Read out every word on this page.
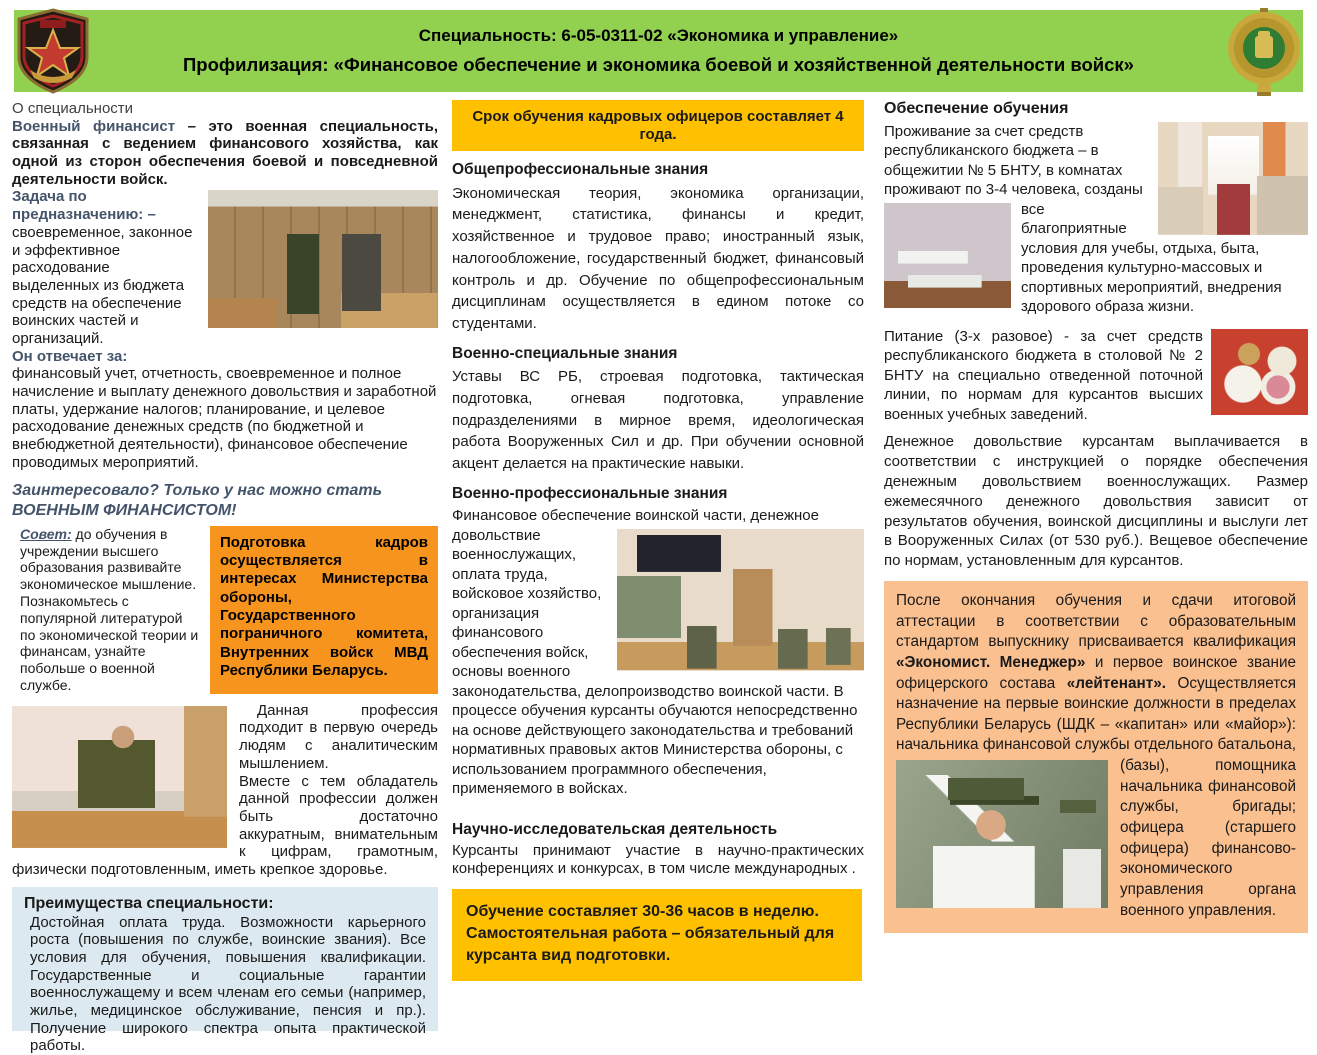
Специальность: 6-05-0311-02 «Экономика и управление»
Профилизация: «Финансовое обеспечение и экономика боевой и хозяйственной деятельности войск»

О специальности

Военный финансист – это военная специальность, связанная с ведением финансового хозяйства, как одной из сторон обеспечения боевой и повседневной деятельности войск.

Задача по предназначению: – своевременное, законное и эффективное расходование выделенных из бюджета средств на обеспечение воинских частей и организаций.

Он отвечает за:

финансовый учет, отчетность, своевременное и полное начисление и выплату денежного довольствия и заработной платы, удержание налогов; планирование, и целевое расходование денежных средств (по бюджетной и внебюджетной деятельности), финансовое обеспечение проводимых мероприятий.

Заинтересовало? Только у нас можно стать ВОЕННЫМ ФИНАНСИСТОМ!

Совет: до обучения в учреждении высшего образования развивайте экономическое мышление. Познакомьтесь с популярной литературой по экономической теории и финансам, узнайте побольше о военной службе.
Подготовка кадров осуществляется в интересах Министерства обороны, Государственного пограничного комитета, Внутренних войск МВД Республики Беларусь.

Данная профессия подходит в первую очередь людям с аналитическим мышлением.

Вместе с тем обладатель данной профессии должен быть достаточно аккуратным, внимательным к цифрам, грамотным, физически подготовленным, иметь крепкое здоровье.

Преимущества специальности:

Достойная оплата труда. Возможности карьерного роста (повышения по службе, воинские звания). Все условия для обучения, повышения квалификации. Государственные и социальные гарантии военнослужащему и всем членам его семьи (например, жилье, медицинское обслуживание, пенсия и пр.). Получение широкого спектра опыта практической работы.

Срок обучения кадровых офицеров составляет 4 года.

Общепрофессиональные знания

Экономическая теория, экономика организации, менеджмент, статистика, финансы и кредит, хозяйственное и трудовое право; иностранный язык, налогообложение, государственный бюджет, финансовый контроль и др. Обучение по общепрофессиональным дисциплинам осуществляется в едином потоке со студентами.

Военно-специальные знания

Уставы ВС РБ, строевая подготовка, тактическая подготовка, огневая подготовка, управление подразделениями в мирное время, идеологическая работа Вооруженных Сил и др. При обучении основной акцент делается на практические навыки.

Военно-профессиональные знания

Финансовое обеспечение воинской части, денежное довольствие
военнослужащих, оплата труда, войсковое хозяйство, организация финансового обеспечения войск, основы военного законодательства, делопроизводство воинской части. В процессе обучения курсанты обучаются непосредственно на основе действующего законодательства и требований нормативных правовых актов Министерства обороны, с использованием программного обеспечения, применяемого в войсках.

Научно-исследовательская деятельность

Курсанты принимают участие в научно-практических конференциях и конкурсах, в том числе международных .

Обучение составляет 30-36 часов в неделю. Самостоятельная работа – обязательный для курсанта вид подготовки.

Обеспечение обучения

Проживание за счет средств республиканского бюджета – в общежитии № 5 БНТУ, в комнатах проживают по 3-4 человека, созданы
все благоприятные условия для учебы, отдыха, быта, проведения культурно-массовых и спортивных мероприятий, внедрения здорового образа жизни.
Питание (3-х разовое) - за счет средств республиканского бюджета в столовой № 2 БНТУ на специально отведенной поточной линии, по нормам для курсантов высших военных учебных заведений.

Денежное довольствие курсантам выплачивается в соответствии с инструкцией о порядке обеспечения денежным довольствием военнослужащих. Размер ежемесячного денежного довольствия зависит от результатов обучения, воинской дисциплины и выслуги лет в Вооруженных Силах (от 530 руб.). Вещевое обеспечение по нормам, установленным для курсантов.

После окончания обучения и сдачи итоговой аттестации в соответствии с образовательным стандартом выпускнику присваивается квалификация «Экономист. Менеджер» и первое воинское звание офицерского состава «лейтенант». Осуществляется назначение на первые воинские должности в пределах Республики Беларусь (ШДК – «капитан» или «майор»): начальника финансовой службы отдельного батальона, (базы), помощника
начальника финансовой службы, бригады; офицера (старшего офицера) финансово-экономического управления органа военного управления.
